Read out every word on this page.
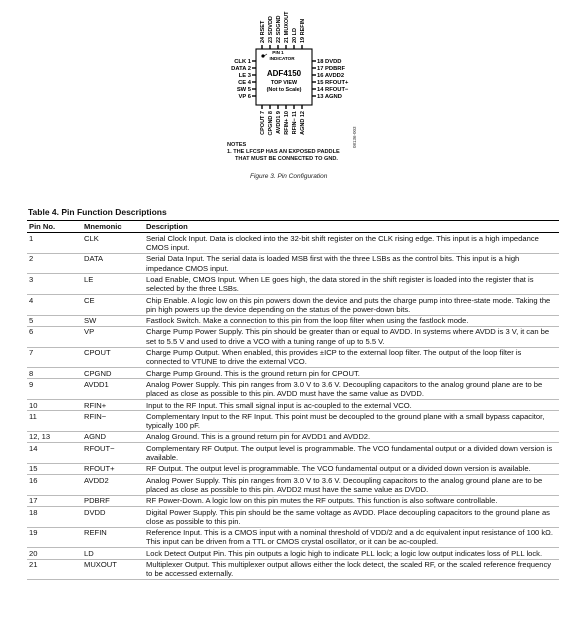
24 RSET 23 SDVDD 22 SDGND 21 MUXOUT 20 LD 19 REFIN
CPOUT 7 CPGND 8 AVDD1 9 RFIN+ 10 RFIN− 11 AGND 12
CLK 1
DATA 2
LE 3
CE 4
SW 5
VP 6
18 DVDD
17 PDBRF
16 AVDD2
15 RFOUT+
14 RFOUT−
13 AGND
PIN 1
INDICATOR
ADF4150
TOP VIEW
(Not to Scale)
NOTES
1. THE LFCSP HAS AN EXPOSED PADDLE
THAT MUST BE CONNECTED TO GND.
08136-003
Figure 3. Pin Configuration
Table 4. Pin Function Descriptions
Pin No.	Mnemonic	Description
1	CLK	Serial Clock Input. Data is clocked into the 32-bit shift register on the CLK rising edge. This input is a high impedance CMOS input.
2	DATA	Serial Data Input. The serial data is loaded MSB first with the three LSBs as the control bits. This input is a high impedance CMOS input.
3	LE	Load Enable, CMOS Input. When LE goes high, the data stored in the shift register is loaded into the register that is selected by the three LSBs.
4	CE	Chip Enable. A logic low on this pin powers down the device and puts the charge pump into three-state mode. Taking the pin high powers up the device depending on the status of the power-down bits.
5	SW	Fastlock Switch. Make a connection to this pin from the loop filter when using the fastlock mode.
6	VP	Charge Pump Power Supply. This pin should be greater than or equal to AVDD. In systems where AVDD is 3 V, it can be set to 5.5 V and used to drive a VCO with a tuning range of up to 5.5 V.
7	CPOUT	Charge Pump Output. When enabled, this provides ±ICP to the external loop filter. The output of the loop filter is connected to VTUNE to drive the external VCO.
8	CPGND	Charge Pump Ground. This is the ground return pin for CPOUT.
9	AVDD1	Analog Power Supply. This pin ranges from 3.0 V to 3.6 V. Decoupling capacitors to the analog ground plane are to be placed as close as possible to this pin. AVDD must have the same value as DVDD.
10	RFIN+	Input to the RF Input. This small signal input is ac-coupled to the external VCO.
11	RFIN−	Complementary Input to the RF Input. This point must be decoupled to the ground plane with a small bypass capacitor, typically 100 pF.
12, 13	AGND	Analog Ground. This is a ground return pin for AVDD1 and AVDD2.
14	RFOUT−	Complementary RF Output. The output level is programmable. The VCO fundamental output or a divided down version is available.
15	RFOUT+	RF Output. The output level is programmable. The VCO fundamental output or a divided down version is available.
16	AVDD2	Analog Power Supply. This pin ranges from 3.0 V to 3.6 V. Decoupling capacitors to the analog ground plane are to be placed as close as possible to this pin. AVDD2 must have the same value as DVDD.
17	PDBRF	RF Power-Down. A logic low on this pin mutes the RF outputs. This function is also software controllable.
18	DVDD	Digital Power Supply. This pin should be the same voltage as AVDD. Place decoupling capacitors to the ground plane as close as possible to this pin.
19	REFIN	Reference Input. This is a CMOS input with a nominal threshold of VDD/2 and a dc equivalent input resistance of 100 kΩ. This input can be driven from a TTL or CMOS crystal oscillator, or it can be ac-coupled.
20	LD	Lock Detect Output Pin. This pin outputs a logic high to indicate PLL lock; a logic low output indicates loss of PLL lock.
21	MUXOUT	Multiplexer Output. This multiplexer output allows either the lock detect, the scaled RF, or the scaled reference frequency to be accessed externally.
